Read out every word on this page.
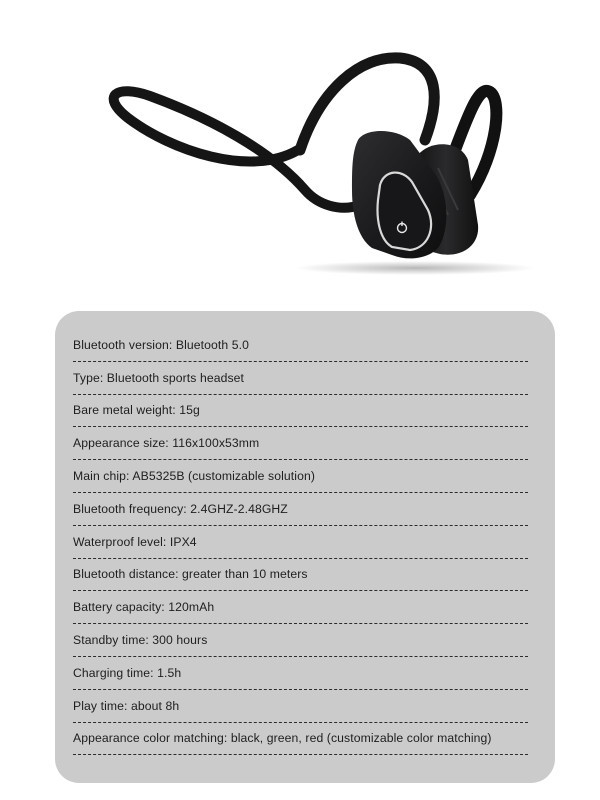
Bluetooth version: Bluetooth 5.0
Type: Bluetooth sports headset
Bare metal weight: 15g
Appearance size: 116x100x53mm
Main chip: AB5325B (customizable solution)
Bluetooth frequency: 2.4GHZ-2.48GHZ
Waterproof level: IPX4
Bluetooth distance: greater than 10 meters
Battery capacity: 120mAh
Standby time: 300 hours
Charging time: 1.5h
Play time: about 8h
Appearance color matching: black, green, red (customizable color matching)
